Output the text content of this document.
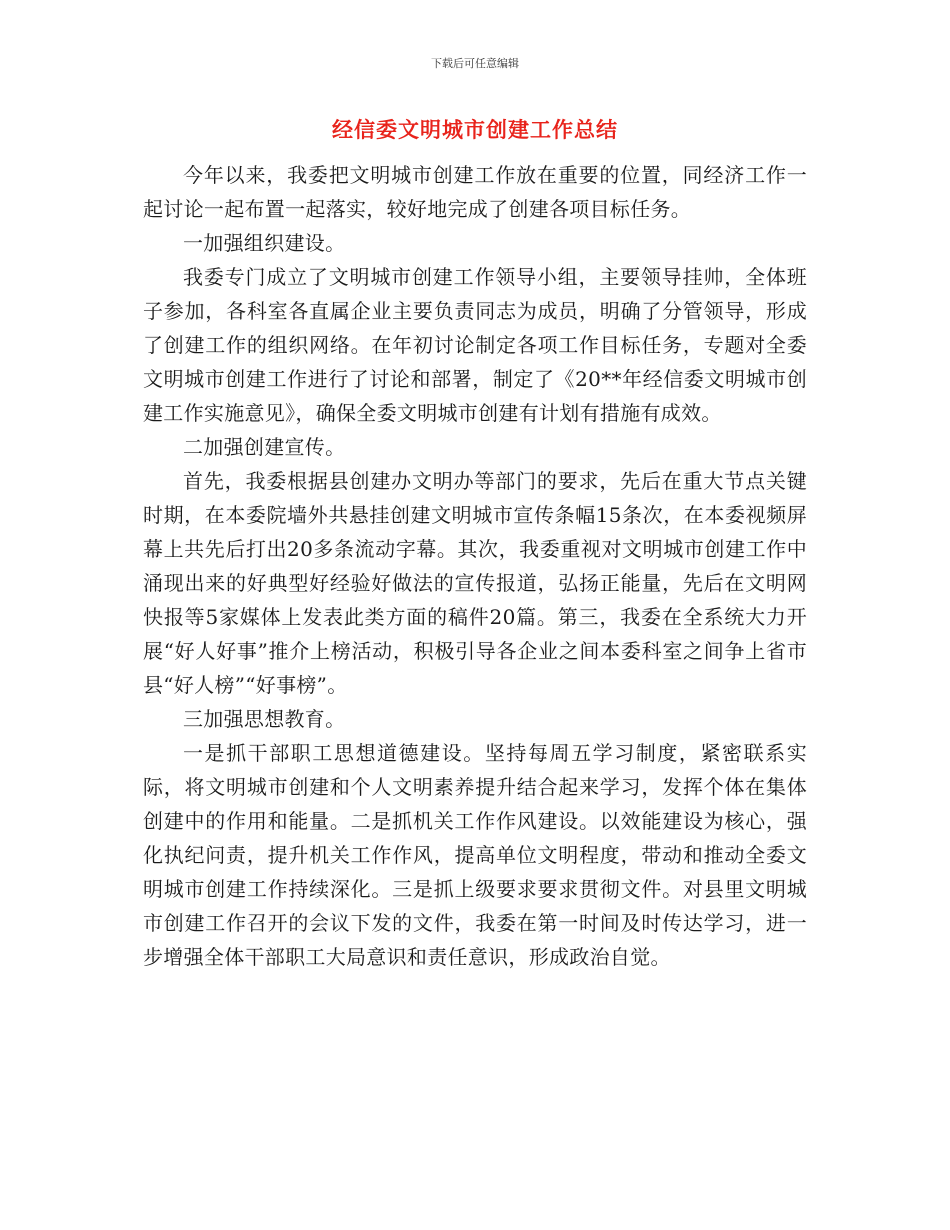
下载后可任意编辑
经信委文明城市创建工作总结

今年以来，我委把文明城市创建工作放在重要的位置，同经济工作一起讨论一起布置一起落实，较好地完成了创建各项目标任务。

一加强组织建设。

我委专门成立了文明城市创建工作领导小组，主要领导挂帅，全体班子参加，各科室各直属企业主要负责同志为成员，明确了分管领导，形成了创建工作的组织网络。在年初讨论制定各项工作目标任务，专题对全委文明城市创建工作进行了讨论和部署，制定了《20**年经信委文明城市创建工作实施意见》，确保全委文明城市创建有计划有措施有成效。

二加强创建宣传。

首先，我委根据县创建办文明办等部门的要求，先后在重大节点关键时期，在本委院墙外共悬挂创建文明城市宣传条幅15条次，在本委视频屏幕上共先后打出20多条流动字幕。其次，我委重视对文明城市创建工作中涌现出来的好典型好经验好做法的宣传报道，弘扬正能量，先后在文明网快报等5家媒体上发表此类方面的稿件20篇。第三，我委在全系统大力开展“好人好事”推介上榜活动，积极引导各企业之间本委科室之间争上省市县“好人榜”“好事榜”。

三加强思想教育。

一是抓干部职工思想道德建设。坚持每周五学习制度，紧密联系实际，将文明城市创建和个人文明素养提升结合起来学习，发挥个体在集体创建中的作用和能量。二是抓机关工作作风建设。以效能建设为核心，强化执纪问责，提升机关工作作风，提高单位文明程度，带动和推动全委文明城市创建工作持续深化。三是抓上级要求要求贯彻文件。对县里文明城市创建工作召开的会议下发的文件，我委在第一时间及时传达学习，进一步增强全体干部职工大局意识和责任意识，形成政治自觉。
